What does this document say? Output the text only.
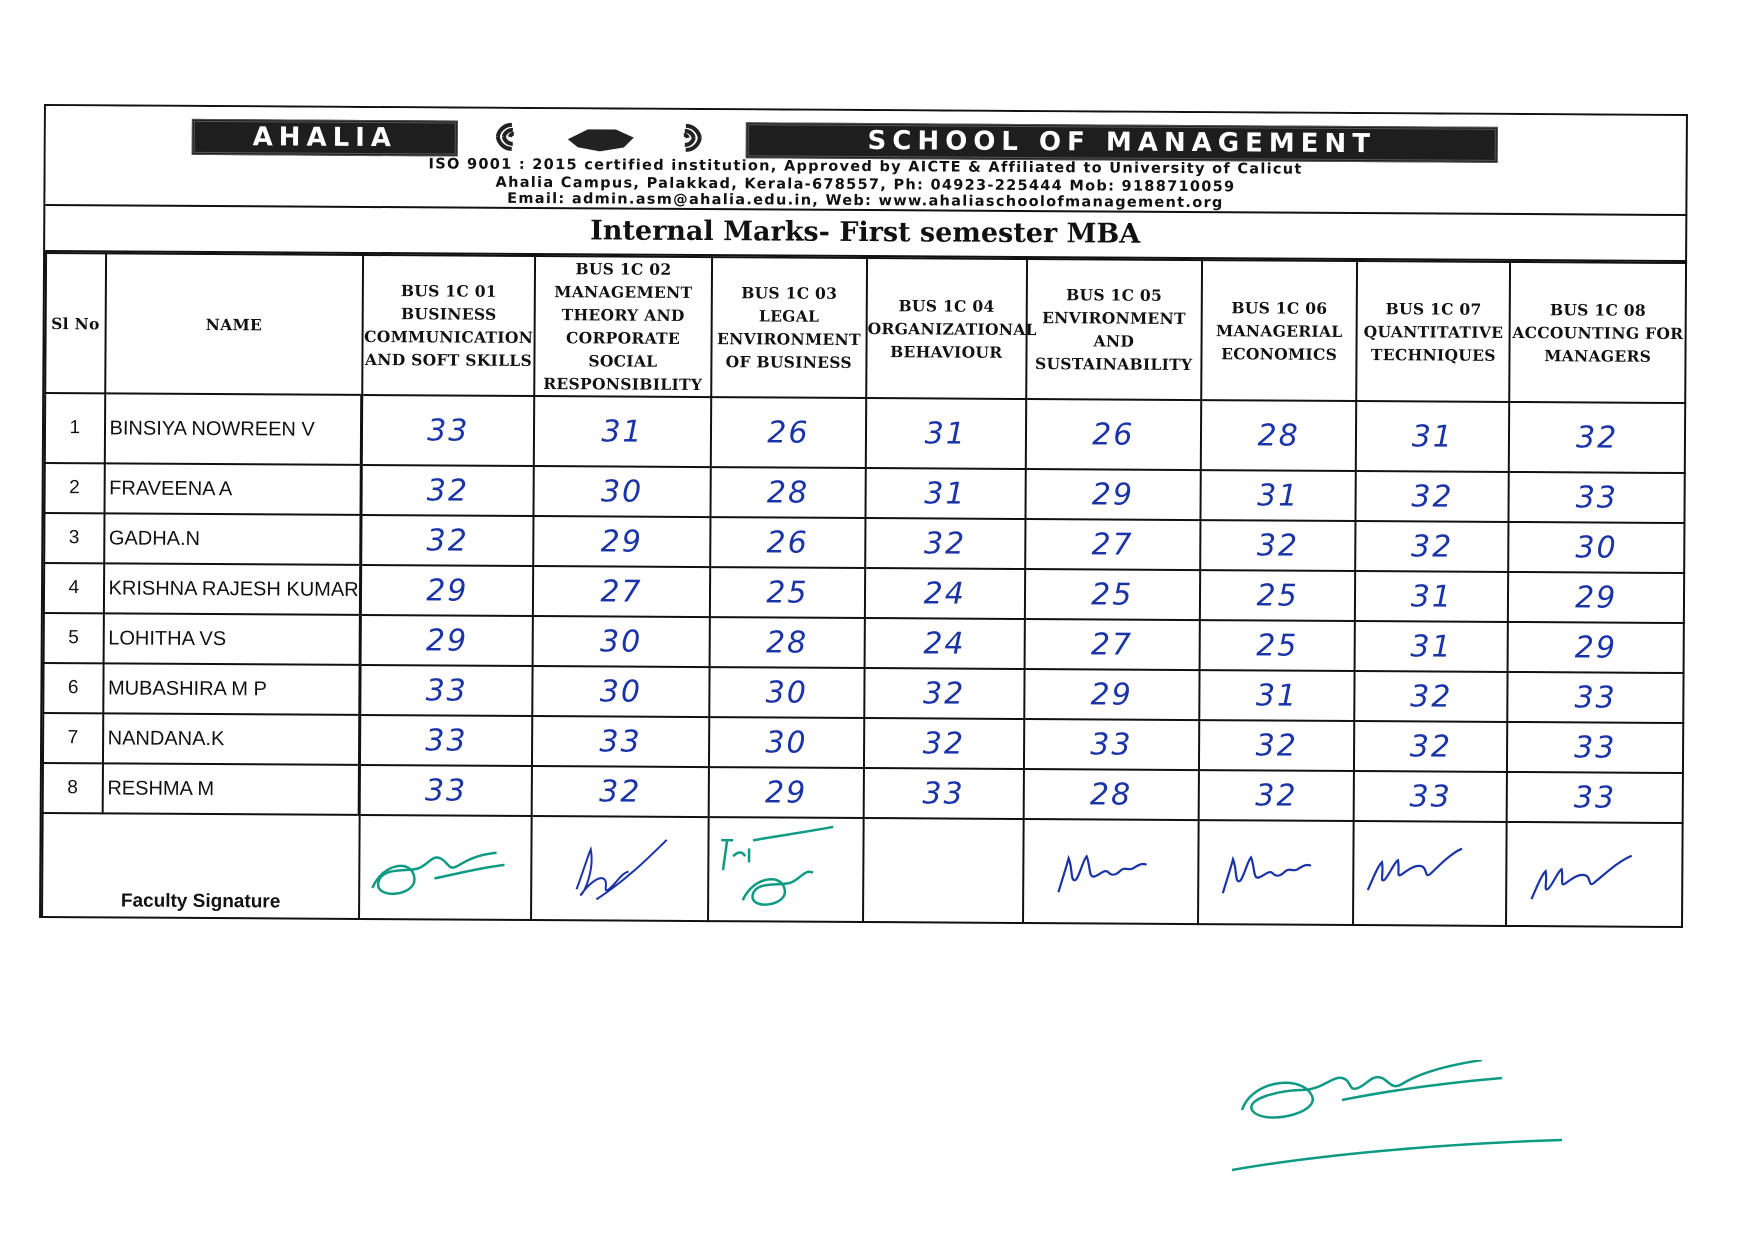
AHALIA	SCHOOL OF MANAGEMENT
ISO 9001 : 2015 certified institution, Approved by AICTE & Affiliated to University of Calicut
Ahalia Campus, Palakkad, Kerala-678557, Ph: 04923-225444 Mob: 9188710059
Email: admin.asm@ahalia.edu.in, Web: www.ahaliaschoolofmanagement.org
Internal Marks- First semester MBA
Sl No	NAME	BUS 1C 01 BUSINESS COMMUNICATION AND SOFT SKILLS	BUS 1C 02 MANAGEMENT THEORY AND CORPORATE SOCIAL RESPONSIBILITY	BUS 1C 03 LEGAL ENVIRONMENT OF BUSINESS	BUS 1C 04 ORGANIZATIONAL BEHAVIOUR	BUS 1C 05 ENVIRONMENT AND SUSTAINABILITY	BUS 1C 06 MANAGERIAL ECONOMICS	BUS 1C 07 QUANTITATIVE TECHNIQUES	BUS 1C 08 ACCOUNTING FOR MANAGERS
1	BINSIYA NOWREEN V	33	31	26	31	26	28	31	32
2	FRAVEENA A	32	30	28	31	29	31	32	33
3	GADHA.N	32	29	26	32	27	32	32	30
4	KRISHNA RAJESH KUMAR	29	27	25	24	25	25	31	29
5	LOHITHA VS	29	30	28	24	27	25	31	29
6	MUBASHIRA M P	33	30	30	32	29	31	32	33
7	NANDANA.K	33	33	30	32	33	32	32	33
8	RESHMA M	33	32	29	33	28	32	33	33

Faculty Signature
